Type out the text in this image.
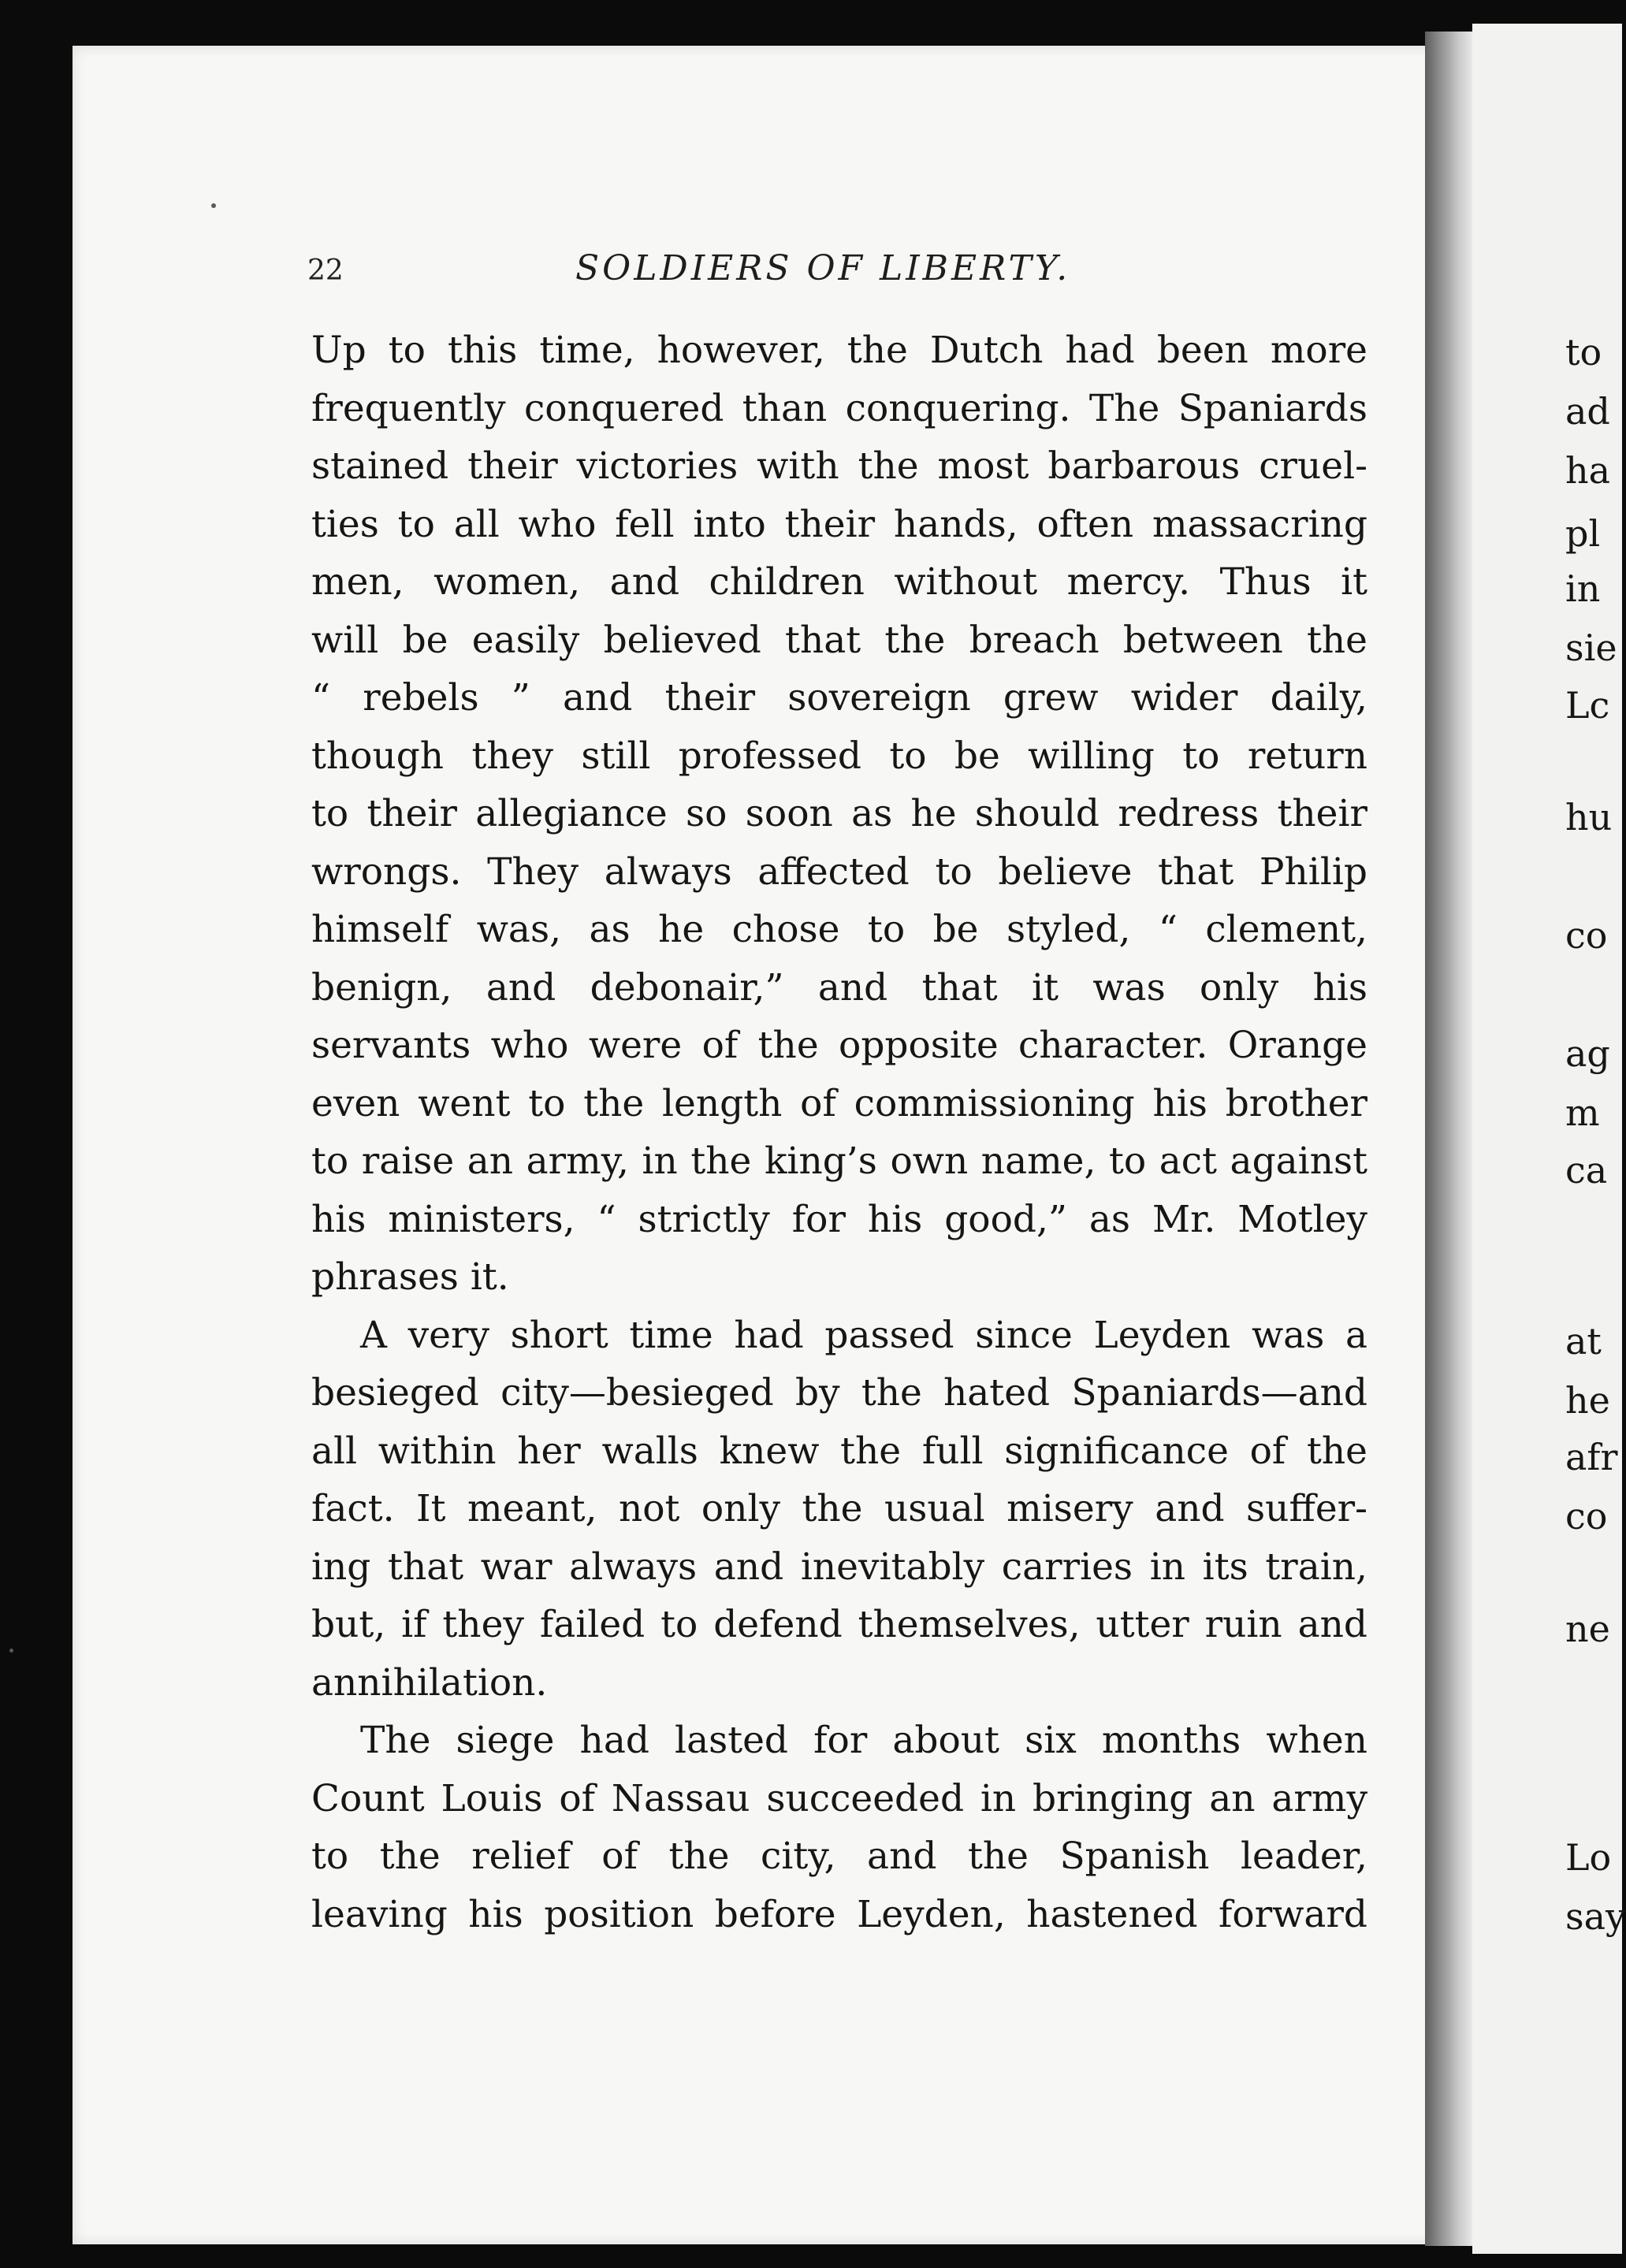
22	SOLDIERS OF LIBERTY.
Up to this time, however, the Dutch had been more
frequently conquered than conquering. The Spaniards
stained their victories with the most barbarous cruel-
ties to all who fell into their hands, often massacring
men, women, and children without mercy. Thus it
will be easily believed that the breach between the
“ rebels ” and their sovereign grew wider daily,
though they still professed to be willing to return
to their allegiance so soon as he should redress their
wrongs. They always affected to believe that Philip
himself was, as he chose to be styled, “ clement,
benign, and debonair,” and that it was only his
servants who were of the opposite character. Orange
even went to the length of commissioning his brother
to raise an army, in the king’s own name, to act against
his ministers, “ strictly for his good,” as Mr. Motley
phrases it.
A very short time had passed since Leyden was a
besieged city—besieged by the hated Spaniards—and
all within her walls knew the full significance of the
fact. It meant, not only the usual misery and suffer-
ing that war always and inevitably carries in its train,
but, if they failed to defend themselves, utter ruin and
annihilation.
The siege had lasted for about six months when
Count Louis of Nassau succeeded in bringing an army
to the relief of the city, and the Spanish leader,
leaving his position before Leyden, hastened forward
to
ad
ha
pl
in
sie
Lc
hu
co
ag
m
ca
at
he
afr
co
ne
Lo
say
